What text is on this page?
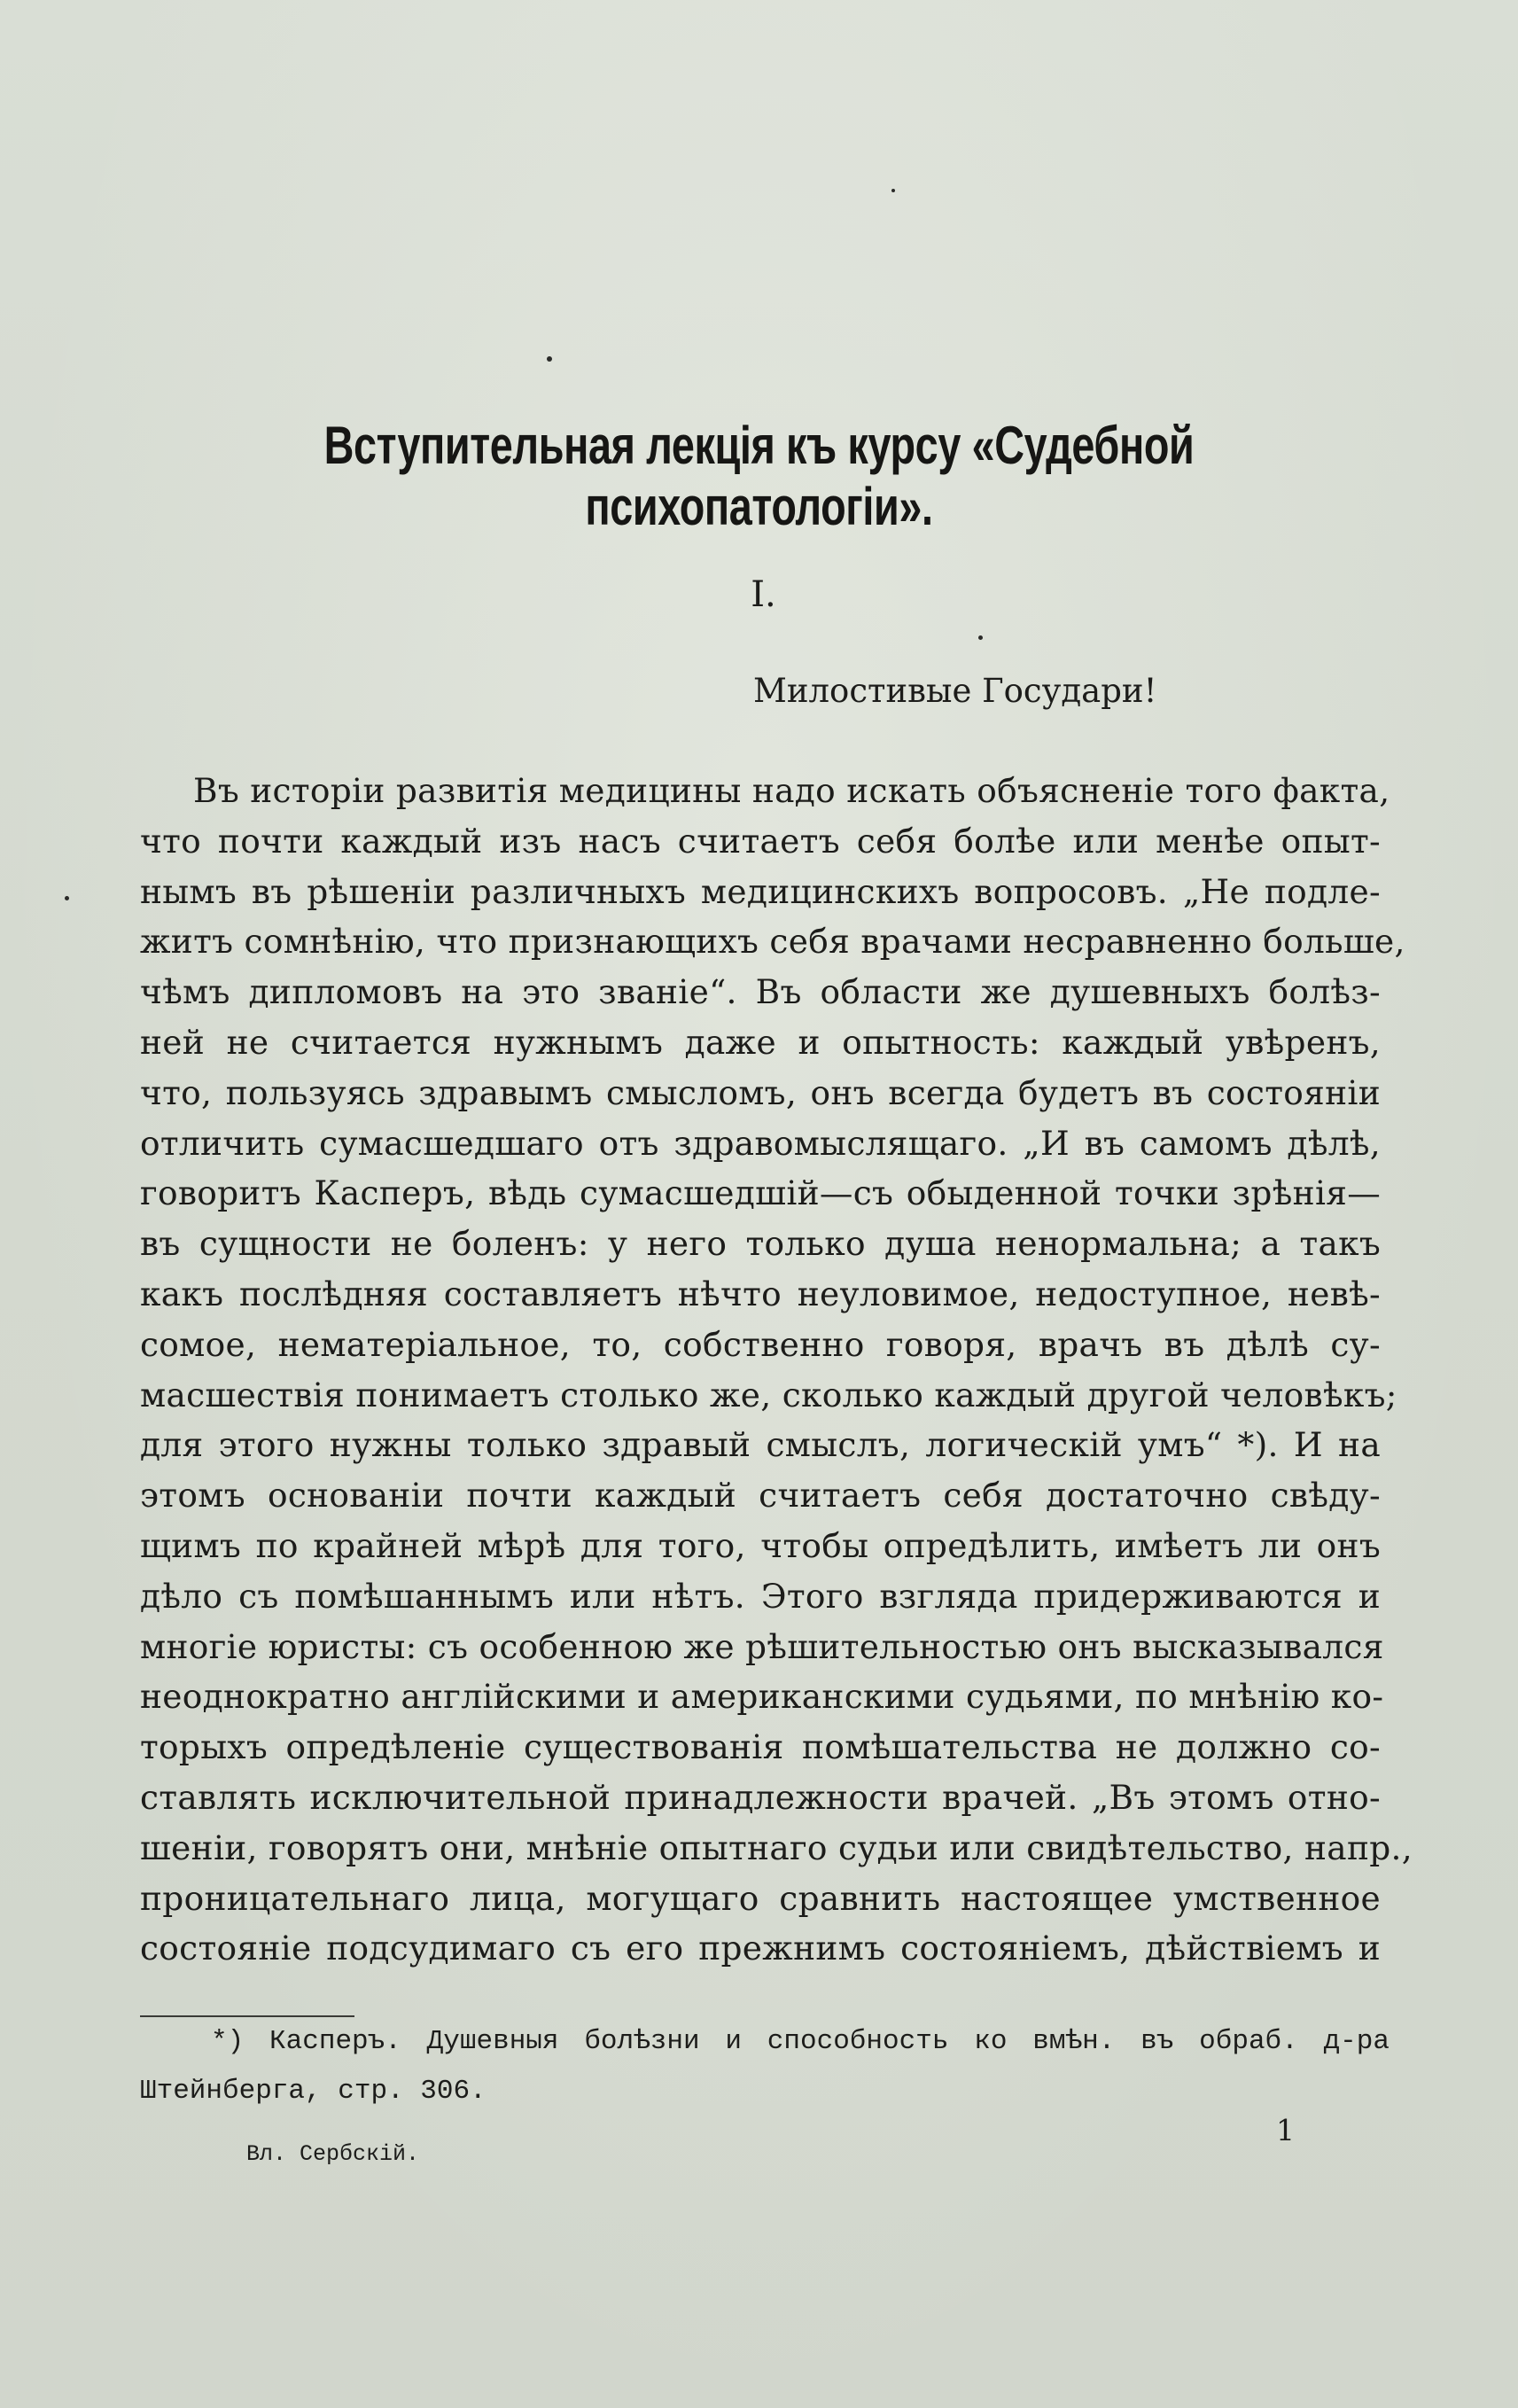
Вступительная лекція къ курсу «Судебной психопатологіи».
I.
Милостивые Государи!
Въ исторіи развитія медицины надо искать объясненіе того факта,
что почти каждый изъ насъ считаетъ себя болѣе или менѣе опыт-
нымъ въ рѣшеніи различныхъ медицинскихъ вопросовъ. „Не подле-
житъ сомнѣнію, что признающихъ себя врачами несравненно больше,
чѣмъ дипломовъ на это званіе“. Въ области же душевныхъ болѣз-
ней не считается нужнымъ даже и опытность: каждый увѣренъ,
что, пользуясь здравымъ смысломъ, онъ всегда будетъ въ состояніи
отличить сумасшедшаго отъ здравомыслящаго. „И въ самомъ дѣлѣ,
говоритъ Касперъ, вѣдь сумасшедшій—съ обыденной точки зрѣнія—
въ сущности не боленъ: у него только душа ненормальна; а такъ
какъ послѣдняя составляетъ нѣчто неуловимое, недоступное, невѣ-
сомое, нематеріальное, то, собственно говоря, врачъ въ дѣлѣ су-
масшествія понимаетъ столько же, сколько каждый другой человѣкъ;
для этого нужны только здравый смыслъ, логическій умъ“ *). И на
этомъ основаніи почти каждый считаетъ себя достаточно свѣду-
щимъ по крайней мѣрѣ для того, чтобы опредѣлить, имѣетъ ли онъ
дѣло съ помѣшаннымъ или нѣтъ. Этого взгляда придерживаются и
многіе юристы: съ особенною же рѣшительностью онъ высказывался
неоднократно англійскими и американскими судьями, по мнѣнію ко-
торыхъ опредѣленіе существованія помѣшательства не должно со-
ставлять исключительной принадлежности врачей. „Въ этомъ отно-
шеніи, говорятъ они, мнѣніе опытнаго судьи или свидѣтельство, напр.,
проницательнаго лица, могущаго сравнить настоящее умственное
состояніе подсудимаго съ его прежнимъ состояніемъ, дѣйствіемъ и
*) Касперъ. Душевныя болѣзни и способность ко вмѣн. въ обраб. д-ра
Штейнберга, стр. 306.
1
Вл. Сербскій.
